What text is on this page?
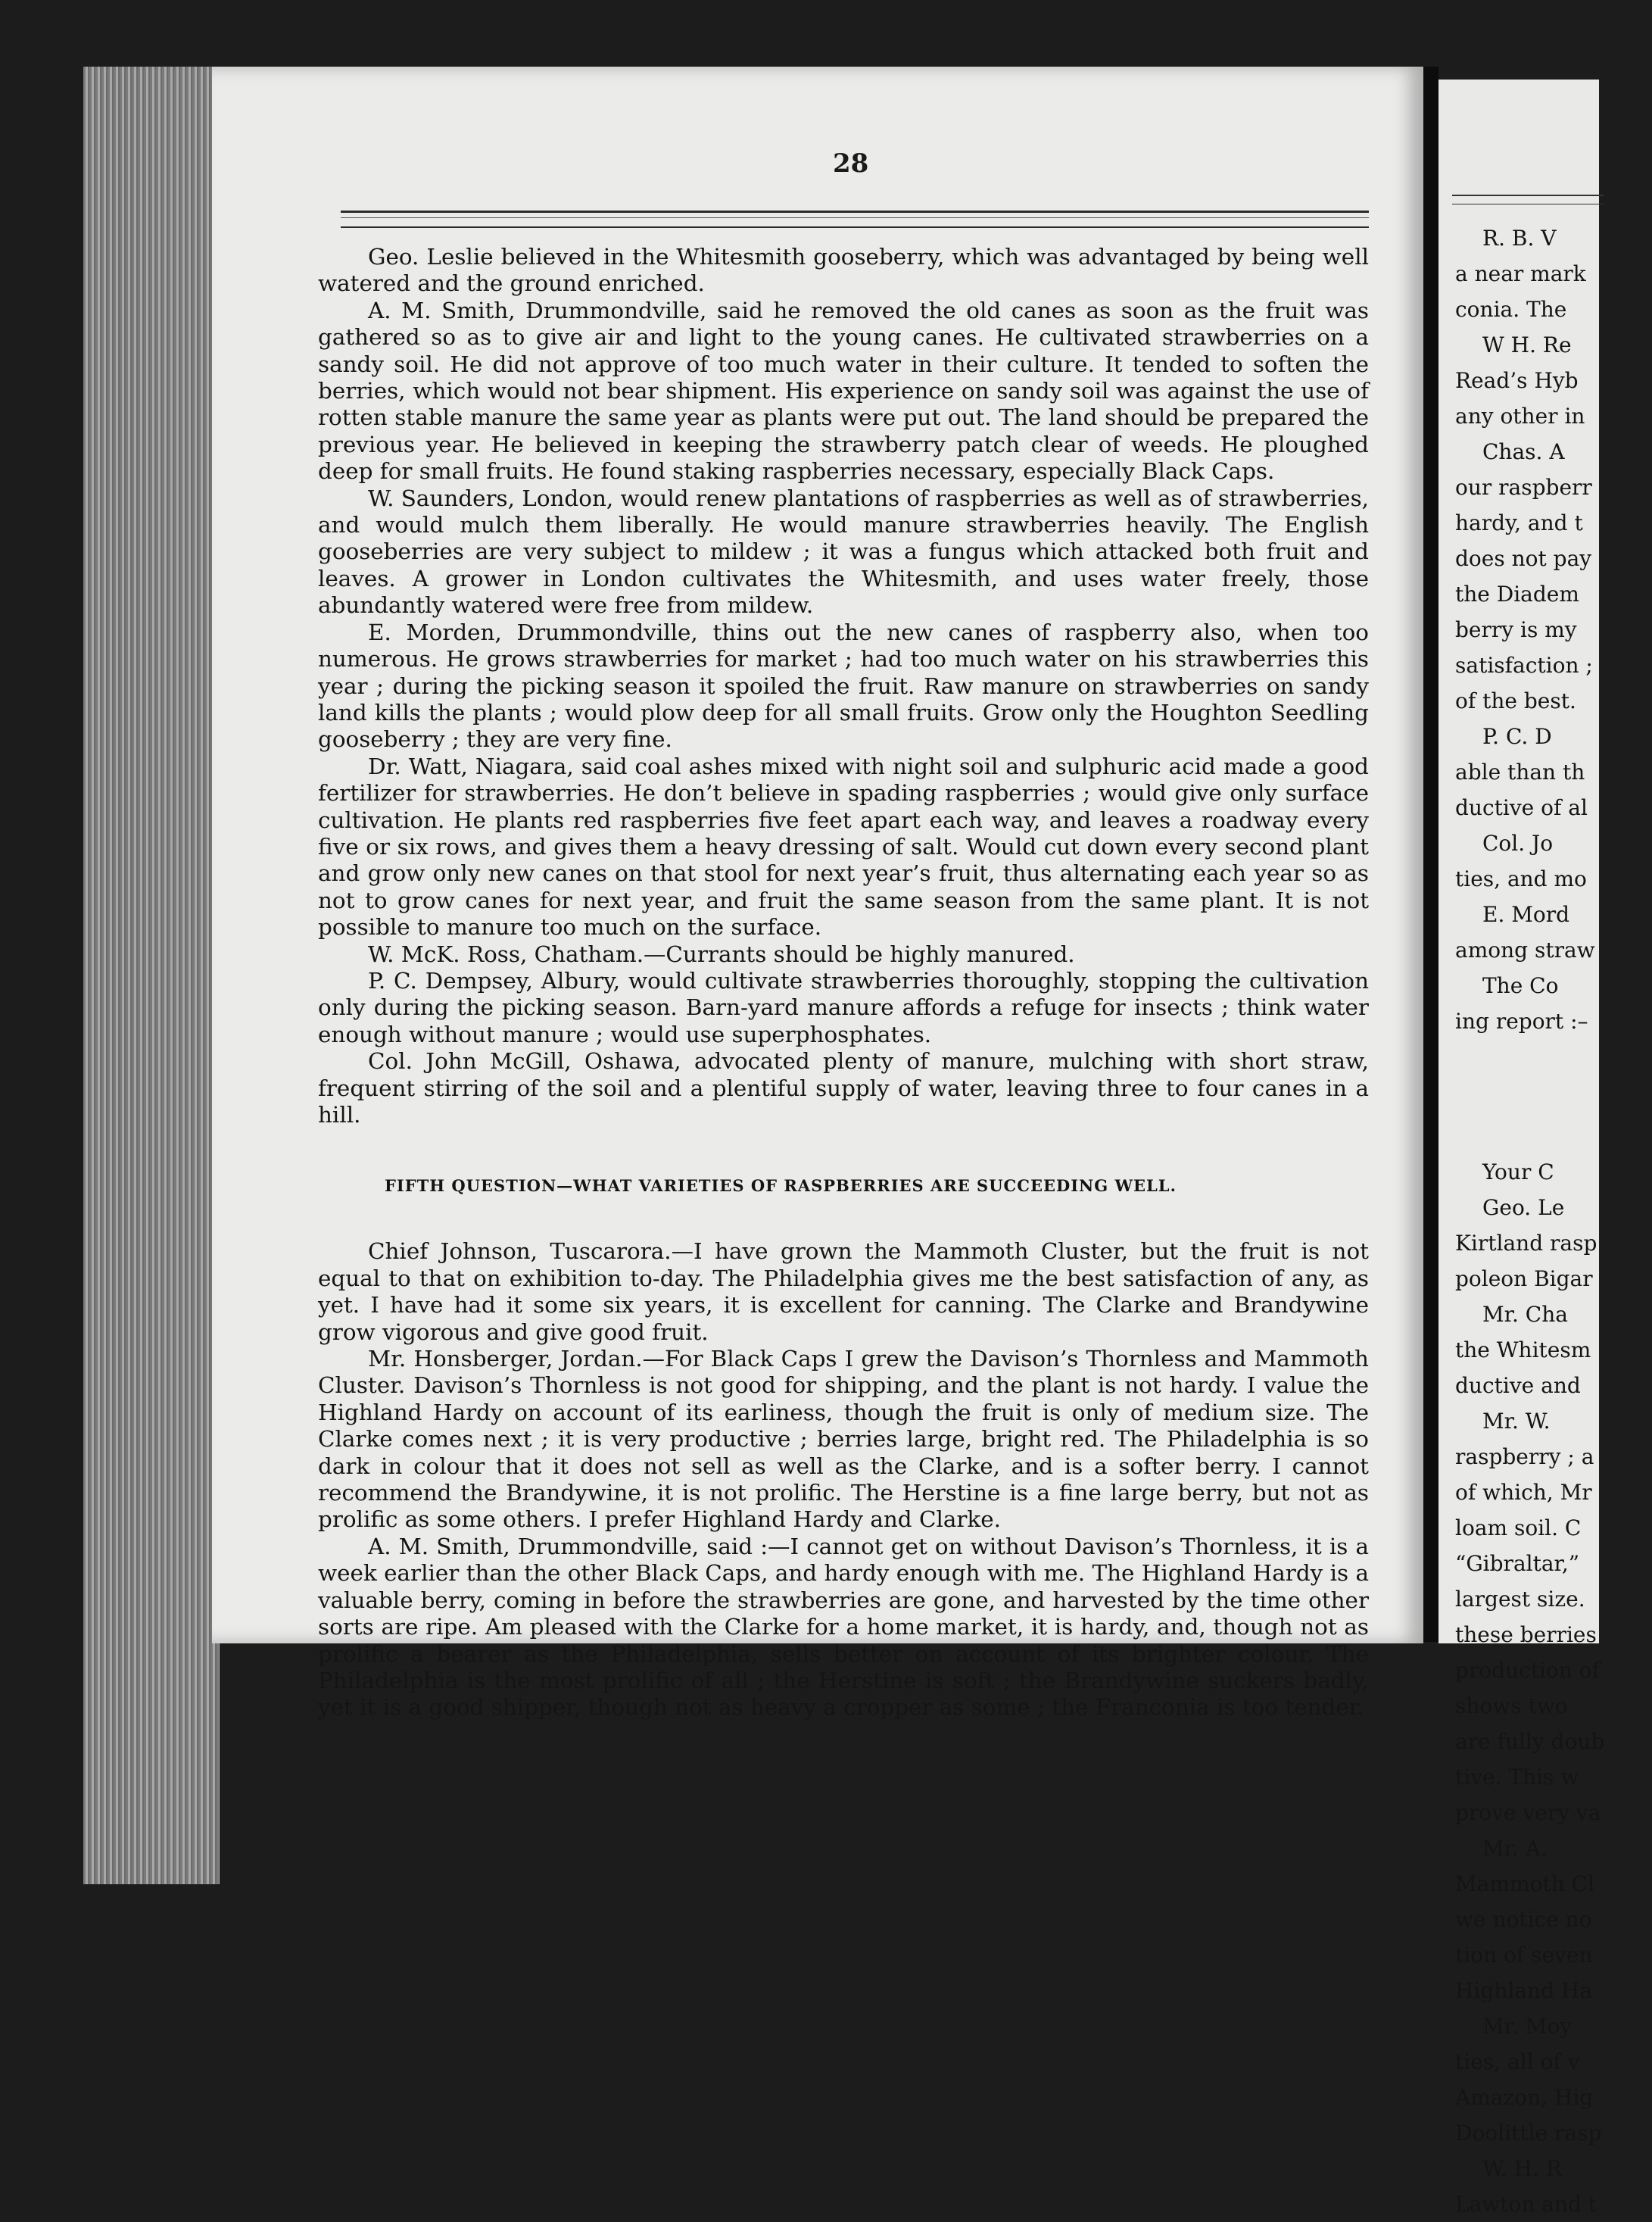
28

Geo. Leslie believed in the Whitesmith gooseberry, which was advantaged by being well watered and the ground enriched.

A. M. Smith, Drummondville, said he removed the old canes as soon as the fruit was gathered so as to give air and light to the young canes. He cultivated strawberries on a sandy soil. He did not approve of too much water in their culture. It tended to soften the berries, which would not bear shipment. His experience on sandy soil was against the use of rotten stable manure the same year as plants were put out. The land should be prepared the previous year. He believed in keeping the strawberry patch clear of weeds. He ploughed deep for small fruits. He found staking raspberries necessary, especially Black Caps.

W. Saunders, London, would renew plantations of raspberries as well as of strawberries, and would mulch them liberally. He would manure strawberries heavily. The English gooseberries are very subject to mildew ; it was a fungus which attacked both fruit and leaves. A grower in London cultivates the Whitesmith, and uses water freely, those abundantly watered were free from mildew.

E. Morden, Drummondville, thins out the new canes of raspberry also, when too numerous. He grows strawberries for market ; had too much water on his strawberries this year ; during the picking season it spoiled the fruit. Raw manure on strawberries on sandy land kills the plants ; would plow deep for all small fruits. Grow only the Houghton Seedling gooseberry ; they are very fine.

Dr. Watt, Niagara, said coal ashes mixed with night soil and sulphuric acid made a good fertilizer for strawberries. He don’t believe in spading raspberries ; would give only surface cultivation. He plants red raspberries five feet apart each way, and leaves a roadway every five or six rows, and gives them a heavy dressing of salt. Would cut down every second plant and grow only new canes on that stool for next year’s fruit, thus alternating each year so as not to grow canes for next year, and fruit the same season from the same plant. It is not possible to manure too much on the surface.

W. McK. Ross, Chatham.—Currants should be highly manured.

P. C. Dempsey, Albury, would cultivate strawberries thoroughly, stopping the cultivation only during the picking season. Barn-yard manure affords a refuge for insects ; think water enough without manure ; would use superphosphates.

Col. John McGill, Oshawa, advocated plenty of manure, mulching with short straw, frequent stirring of the soil and a plentiful supply of water, leaving three to four canes in a hill.

FIFTH QUESTION—WHAT VARIETIES OF RASPBERRIES ARE SUCCEEDING WELL.

Chief Johnson, Tuscarora.—I have grown the Mammoth Cluster, but the fruit is not equal to that on exhibition to-day. The Philadelphia gives me the best satisfaction of any, as yet. I have had it some six years, it is excellent for canning. The Clarke and Brandywine grow vigorous and give good fruit.

Mr. Honsberger, Jordan.—For Black Caps I grew the Davison’s Thornless and Mammoth Cluster. Davison’s Thornless is not good for shipping, and the plant is not hardy. I value the Highland Hardy on account of its earliness, though the fruit is only of medium size. The Clarke comes next ; it is very productive ; berries large, bright red. The Philadelphia is so dark in colour that it does not sell as well as the Clarke, and is a softer berry. I cannot recommend the Brandywine, it is not prolific. The Herstine is a fine large berry, but not as prolific as some others. I prefer Highland Hardy and Clarke.

A. M. Smith, Drummondville, said :—I cannot get on without Davison’s Thornless, it is a week earlier than the other Black Caps, and hardy enough with me. The Highland Hardy is a valuable berry, coming in before the strawberries are gone, and harvested by the time other sorts are ripe. Am pleased with the Clarke for a home market, it is hardy, and, though not as prolific a bearer as the Philadelphia, sells better on account of its brighter colour. The Philadelphia is the most prolific of all ; the Herstine is soft ; the Brandywine suckers badly, yet it is a good shipper, though not as heavy a cropper as some ; the Franconia is too tender.

R. B. V
a near mark
conia. The
W H. Re
Read’s Hyb
any other in
Chas. A
our raspberr
hardy, and t
does not pay
the Diadem
berry is my
satisfaction ;
of the best.
P. C. D
able than th
ductive of al
Col. Jo
ties, and mo
E. Mord
among straw
The Co
ing report :–
Your C
Geo. Le
Kirtland rasp
poleon Bigar
Mr. Cha
the Whitesm
ductive and
Mr. W.
raspberry ; a
of which, Mr
loam soil. C
“Gibraltar,”
largest size.
these berries
production of
shows two
are fully doub
tive. This w
prove very va
Mr. A.
Mammoth Cl
we notice no
tion of seven
Highland Ha
Mr. Moy
ties, all of v
Amazon, Hig
Doolittle rasp
W. H. R
Lawton and t
